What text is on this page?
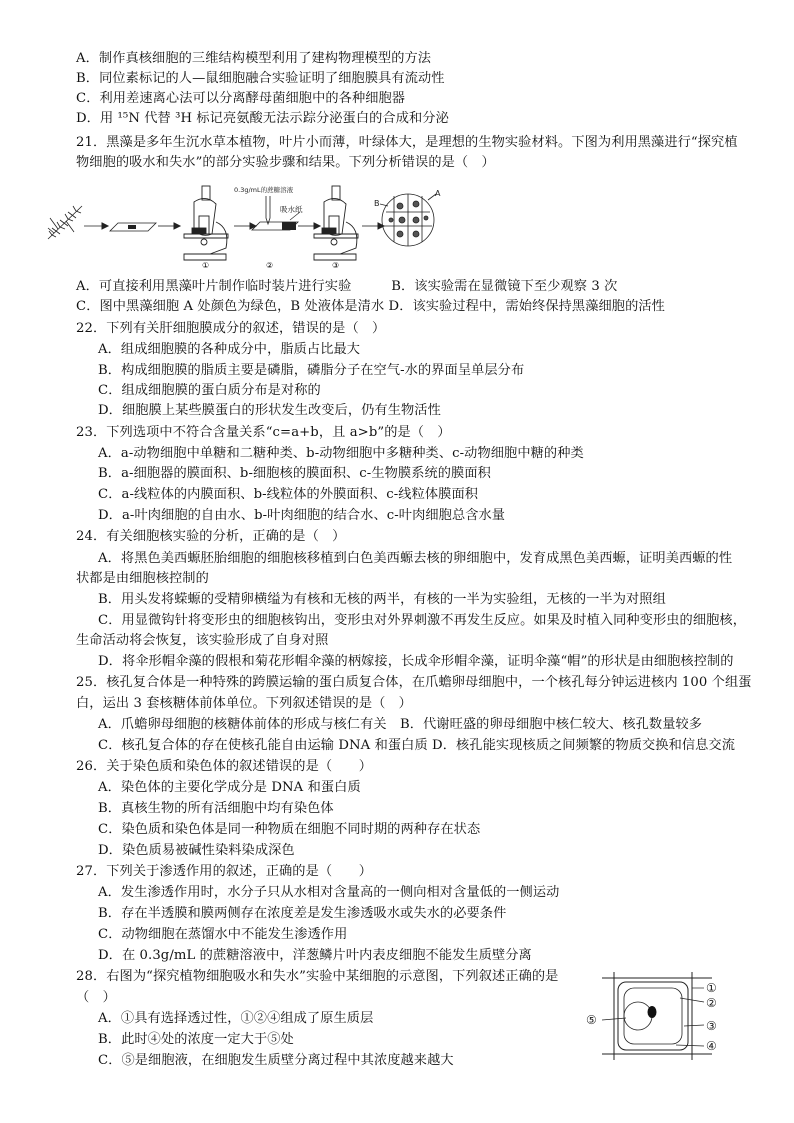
A．制作真核细胞的三维结构模型利用了建构物理模型的方法
B．同位素标记的人—鼠细胞融合实验证明了细胞膜具有流动性
C．利用差速离心法可以分离酵母菌细胞中的各种细胞器
D．用 ¹⁵N 代替 ³H 标记亮氨酸无法示踪分泌蛋白的合成和分泌
21．黑藻是多年生沉水草本植物，叶片小而薄，叶绿体大，是理想的生物实验材料。下图为利用黑藻进行“探究植
物细胞的吸水和失水”的部分实验步骤和结果。下列分析错误的是（　）
①
0.3g/mL的蔗糖溶液
吸水纸
②	③
B
A
A．可直接利用黑藻叶片制作临时装片进行实验　　　B．该实验需在显微镜下至少观察 3 次
C．图中黑藻细胞 A 处颜色为绿色，B 处液体是清水 D．该实验过程中，需始终保持黑藻细胞的活性
22．下列有关肝细胞膜成分的叙述，错误的是（　）
A．组成细胞膜的各种成分中，脂质占比最大
B．构成细胞膜的脂质主要是磷脂，磷脂分子在空气-水的界面呈单层分布
C．组成细胞膜的蛋白质分布是对称的
D．细胞膜上某些膜蛋白的形状发生改变后，仍有生物活性
23．下列选项中不符合含量关系“c=a+b，且 a>b”的是（　）
A．a-动物细胞中单糖和二糖种类、b-动物细胞中多糖种类、c-动物细胞中糖的种类
B．a-细胞器的膜面积、b-细胞核的膜面积、c-生物膜系统的膜面积
C．a-线粒体的内膜面积、b-线粒体的外膜面积、c-线粒体膜面积
D．a-叶肉细胞的自由水、b-叶肉细胞的结合水、c-叶肉细胞总含水量
24．有关细胞核实验的分析，正确的是（　）
A．将黑色美西螈胚胎细胞的细胞核移植到白色美西螈去核的卵细胞中，发育成黑色美西螈，证明美西螈的性
状都是由细胞核控制的
B．用头发将蝾螈的受精卵横缢为有核和无核的两半，有核的一半为实验组，无核的一半为对照组
C．用显微钩针将变形虫的细胞核钩出，变形虫对外界刺激不再发生反应。如果及时植入同种变形虫的细胞核，
生命活动将会恢复，该实验形成了自身对照
D．将伞形帽伞藻的假根和菊花形帽伞藻的柄嫁接，长成伞形帽伞藻，证明伞藻“帽”的形状是由细胞核控制的
25．核孔复合体是一种特殊的跨膜运输的蛋白质复合体，在爪蟾卵母细胞中，一个核孔每分钟运进核内 100 个组蛋
白，运出 3 套核糖体前体单位。下列叙述错误的是（　）
A．爪蟾卵母细胞的核糖体前体的形成与核仁有关　B．代谢旺盛的卵母细胞中核仁较大、核孔数量较多
C．核孔复合体的存在使核孔能自由运输 DNA 和蛋白质 D．核孔能实现核质之间频繁的物质交换和信息交流
26．关于染色质和染色体的叙述错误的是（　　）
A．染色体的主要化学成分是 DNA 和蛋白质
B．真核生物的所有活细胞中均有染色体
C．染色质和染色体是同一种物质在细胞不同时期的两种存在状态
D．染色质易被碱性染料染成深色
27．下列关于渗透作用的叙述，正确的是（　　）
A．发生渗透作用时，水分子只从水相对含量高的一侧向相对含量低的一侧运动
B．存在半透膜和膜两侧存在浓度差是发生渗透吸水或失水的必要条件
C．动物细胞在蒸馏水中不能发生渗透作用
D．在 0.3g/mL 的蔗糖溶液中，洋葱鳞片叶内表皮细胞不能发生质壁分离
28．右图为“探究植物细胞吸水和失水”实验中某细胞的示意图，下列叙述正确的是
（　）
A．①具有选择透过性，①②④组成了原生质层
B．此时④处的浓度一定大于⑤处
C．⑤是细胞液，在细胞发生质壁分离过程中其浓度越来越大
①
②
③
④
⑤
